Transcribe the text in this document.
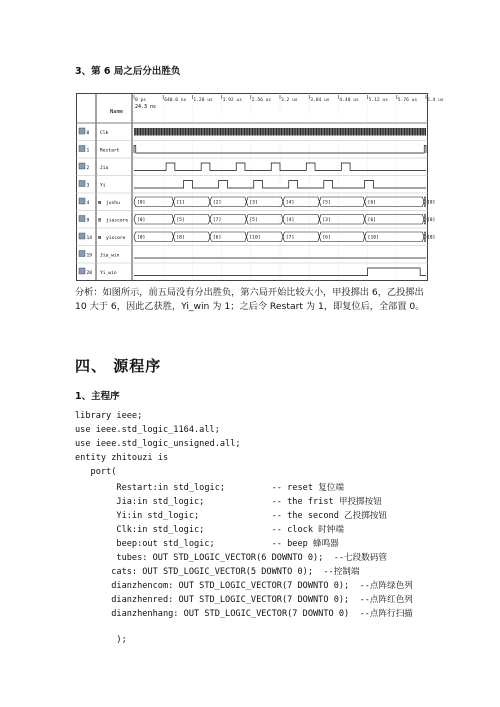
3、第 6 局之后分出胜负
Name
24.3 ns
0 ps	640.0 ns 1.28 us 1.92 us 2.56 us 3.2 us	3.84 us 4.48 us 5.12 us 5.76 us 6.4 us
0 Clk
1 Restart
2 Jia
3 Yi
4 ⊞ jushu	[0]	[1]	[2]	[3]	[4]	[5]	[6]	[0]
9 ⊞ jiascore [0]	[5]	[7]	[5]	[4]	[3]	[6]	[0]
14 ⊞ yiscore	[0]	[8]	[6]	[10]	[7]	[6]	[10]	[0]
19 Jia_win
20 Yi_win
分析：如图所示，前五局没有分出胜负，第六局开始比较大小，甲投掷出 6，乙投掷出 10 大于 6，因此乙获胜，Yi_win 为 1；之后令 Restart 为 1，即复位后，全部置 0。
四、 源程序
1、主程序

library ieee;

use ieee.std_logic_1164.all;

use ieee.std_logic_unsigned.all;

entity zhitouzi is

port(

Restart:in std_logic;         -- reset 复位端

Jia:in std_logic;             -- the frist 甲投掷按钮

Yi:in std_logic;              -- the second 乙投掷按钮

Clk:in std_logic;             -- clock 时钟端

beep:out std_logic;           -- beep 蜂鸣器

tubes: OUT STD_LOGIC_VECTOR(6 DOWNTO 0);  --七段数码管

cats: OUT STD_LOGIC_VECTOR(5 DOWNTO 0);  --控制端

dianzhencom: OUT STD_LOGIC_VECTOR(7 DOWNTO 0);  --点阵绿色列

dianzhenred: OUT STD_LOGIC_VECTOR(7 DOWNTO 0);  --点阵红色列

dianzhenhang: OUT STD_LOGIC_VECTOR(7 DOWNTO 0)  --点阵行扫描

);
